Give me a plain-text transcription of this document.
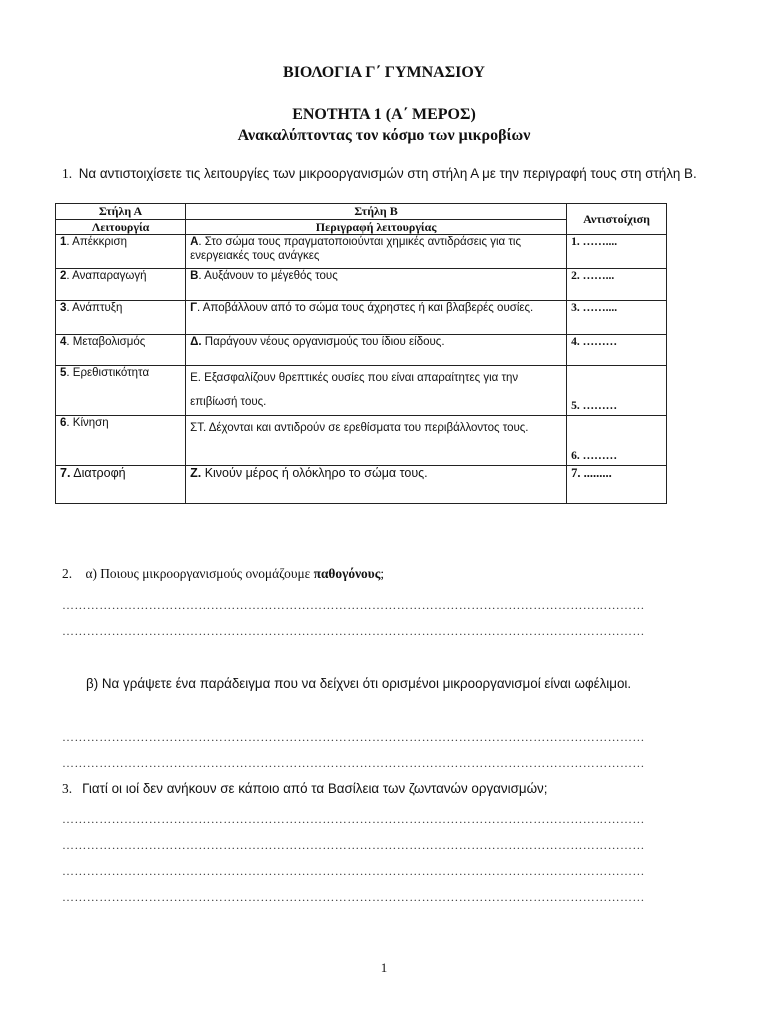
ΒΙΟΛΟΓΙΑ Γ΄ ΓΥΜΝΑΣΙΟΥ
ΕΝΟΤΗΤΑ 1 (Α΄ ΜΕΡΟΣ)
Ανακαλύπτοντας τον κόσμο των μικροβίων
1. Να αντιστοιχίσετε τις λειτουργίες των μικροοργανισμών στη στήλη Α με την περιγραφή τους στη στήλη Β.
Στήλη Α	Στήλη Β	Αντιστοίχιση
Λειτουργία	Περιγραφή λειτουργίας	
1. Απέκκριση	Α. Στο σώμα τους πραγματοποιούνται χημικές αντιδράσεις για τις ενεργειακές τους ανάγκες	1. ……....
2. Αναπαραγωγή	Β. Αυξάνουν το μέγεθός τους	2. ……...
3. Ανάπτυξη	Γ. Αποβάλλουν από το σώμα τους άχρηστες ή και βλαβερές ουσίες.	3. ……....
4. Μεταβολισμός	Δ. Παράγουν νέους οργανισμούς του ίδιου είδους.	4. ………
5. Ερεθιστικότητα	Ε. Εξασφαλίζουν θρεπτικές ουσίες που είναι απαραίτητες για την επιβίωσή τους.	5. ………
6. Κίνηση	ΣΤ. Δέχονται και αντιδρούν σε ερεθίσματα του περιβάλλοντος τους.	6. ………
7. Διατροφή	Ζ. Κινούν μέρος ή ολόκληρο το σώμα τους.	7. .........
2. α) Ποιους μικροοργανισμούς ονομάζουμε παθογόνους;
……………………………………………………………………………………………………………………………
……………………………………………………………………………………………………………………………
β) Να γράψετε ένα παράδειγμα που να δείχνει ότι ορισμένοι μικροοργανισμοί είναι ωφέλιμοι.
……………………………………………………………………………………………………………………………
……………………………………………………………………………………………………………………………
3. Γιατί οι ιοί δεν ανήκουν σε κάποιο από τα Βασίλεια των ζωντανών οργανισμών;
……………………………………………………………………………………………………………………………
……………………………………………………………………………………………………………………………
……………………………………………………………………………………………………………………………
……………………………………………………………………………………………………………………………
1
